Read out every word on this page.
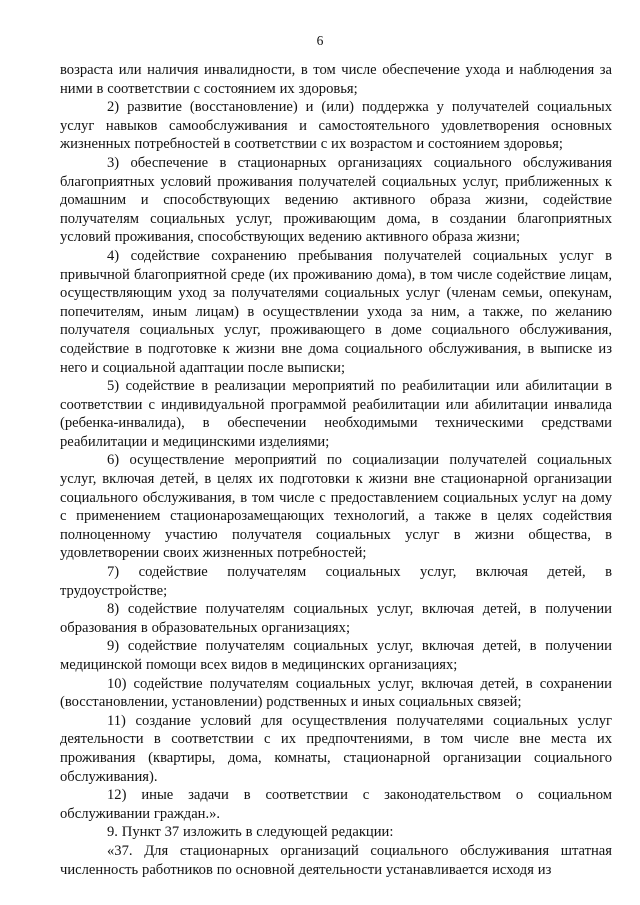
6

возраста или наличия инвалидности, в том числе обеспечение ухода и наблюдения за ними в соответствии с состоянием их здоровья;

2) развитие (восстановление) и (или) поддержка у получателей социальных услуг навыков самообслуживания и самостоятельного удовлетворения основных жизненных потребностей в соответствии с их возрастом и состоянием здоровья;

3) обеспечение в стационарных организациях социального обслуживания благоприятных условий проживания получателей социальных услуг, приближенных к домашним и способствующих ведению активного образа жизни, содействие получателям социальных услуг, проживающим дома, в создании благоприятных условий проживания, способствующих ведению активного образа жизни;

4) содействие сохранению пребывания получателей социальных услуг в привычной благоприятной среде (их проживанию дома), в том числе содействие лицам, осуществляющим уход за получателями социальных услуг (членам семьи, опекунам, попечителям, иным лицам) в осуществлении ухода за ним, а также, по желанию получателя социальных услуг, проживающего в доме социального обслуживания, содействие в подготовке к жизни вне дома социального обслуживания, в выписке из него и социальной адаптации после выписки;

5) содействие в реализации мероприятий по реабилитации или абилитации в соответствии с индивидуальной программой реабилитации или абилитации инвалида (ребенка-инвалида), в обеспечении необходимыми техническими средствами реабилитации и медицинскими изделиями;

6) осуществление мероприятий по социализации получателей социальных услуг, включая детей, в целях их подготовки к жизни вне стационарной организации социального обслуживания, в том числе с предоставлением социальных услуг на дому с применением стационарозамещающих технологий, а также в целях содействия полноценному участию получателя социальных услуг в жизни общества, в удовлетворении своих жизненных потребностей;

7) содействие получателям социальных услуг, включая детей, в трудоустройстве;

8) содействие получателям социальных услуг, включая детей, в получении образования в образовательных организациях;

9) содействие получателям социальных услуг, включая детей, в получении медицинской помощи всех видов в медицинских организациях;

10) содействие получателям социальных услуг, включая детей, в сохранении (восстановлении, установлении) родственных и иных социальных связей;

11) создание условий для осуществления получателями социальных услуг деятельности в соответствии с их предпочтениями, в том числе вне места их проживания (квартиры, дома, комнаты, стационарной организации социального обслуживания).

12) иные задачи в соответствии с законодательством о социальном обслуживании граждан.».

9. Пункт 37 изложить в следующей редакции:

«37. Для стационарных организаций социального обслуживания штатная численность работников по основной деятельности устанавливается исходя из
